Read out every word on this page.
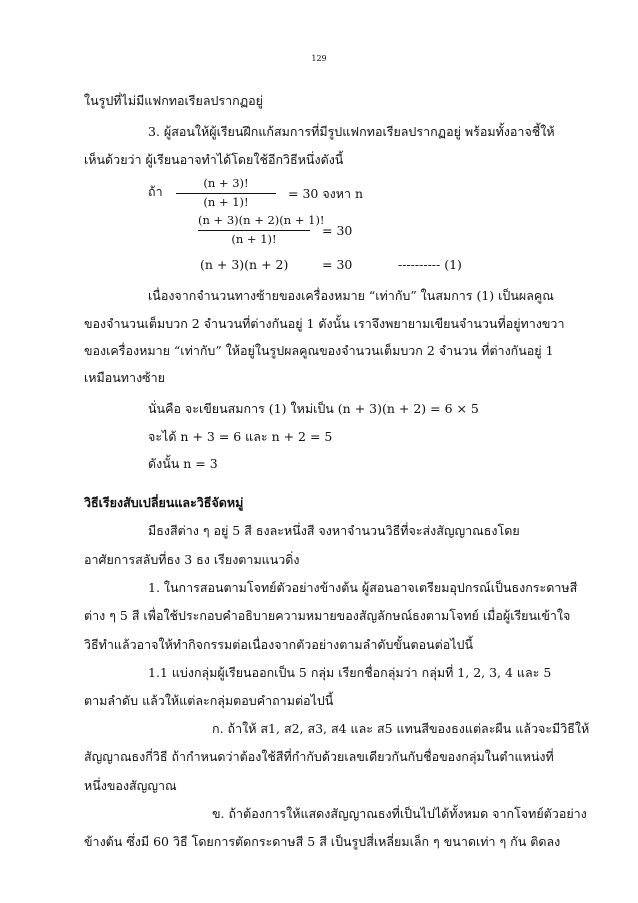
129
ในรูปที่ไม่มีแฟกทอเรียลปรากฏอยู่
3. ผู้สอนให้ผู้เรียนฝึกแก้สมการที่มีรูปแฟกทอเรียลปรากฏอยู่ พร้อมทั้งอาจชี้ให้
เห็นด้วยว่า ผู้เรียนอาจทำได้โดยใช้อีกวิธีหนึ่งดังนี้
ถ้า
(n + 3)!
(n + 1)!
= 30 จงหา n
(n + 3)(n + 2)(n + 1)!
(n + 1)!
= 30
(n + 3)(n + 2)	= 30	---------- (1)
เนื่องจากจำนวนทางซ้ายของเครื่องหมาย “เท่ากับ” ในสมการ (1) เป็นผลคูณ
ของจำนวนเต็มบวก 2 จำนวนที่ต่างกันอยู่ 1 ดังนั้น เราจึงพยายามเขียนจำนวนที่อยู่ทางขวา
ของเครื่องหมาย “เท่ากับ” ให้อยู่ในรูปผลคูณของจำนวนเต็มบวก 2 จำนวน ที่ต่างกันอยู่ 1
เหมือนทางซ้าย
นั่นคือ จะเขียนสมการ (1) ใหม่เป็น (n + 3)(n + 2) = 6 × 5
จะได้ n + 3 = 6 และ n + 2 = 5
ดังนั้น n = 3
วิธีเรียงสับเปลี่ยนและวิธีจัดหมู่
มีธงสีต่าง ๆ อยู่ 5 สี ธงละหนึ่งสี จงหาจำนวนวิธีที่จะส่งสัญญาณธงโดย
อาศัยการสลับที่ธง 3 ธง เรียงตามแนวดิ่ง
1. ในการสอนตามโจทย์ตัวอย่างข้างต้น ผู้สอนอาจเตรียมอุปกรณ์เป็นธงกระดาษสี
ต่าง ๆ 5 สี เพื่อใช้ประกอบคำอธิบายความหมายของสัญลักษณ์ธงตามโจทย์ เมื่อผู้เรียนเข้าใจ
วิธีทำแล้วอาจให้ทำกิจกรรมต่อเนื่องจากตัวอย่างตามลำดับขั้นตอนต่อไปนี้
1.1 แบ่งกลุ่มผู้เรียนออกเป็น 5 กลุ่ม เรียกชื่อกลุ่มว่า กลุ่มที่ 1, 2, 3, 4 และ 5
ตามลำดับ แล้วให้แต่ละกลุ่มตอบคำถามต่อไปนี้
ก. ถ้าให้ ส1, ส2, ส3, ส4 และ ส5 แทนสีของธงแต่ละผืน แล้วจะมีวิธีให้
สัญญาณธงกี่วิธี ถ้ากำหนดว่าต้องใช้สีที่กำกับด้วยเลขเดียวกันกับชื่อของกลุ่มในตำแหน่งที่
หนึ่งของสัญญาณ
ข. ถ้าต้องการให้แสดงสัญญาณธงที่เป็นไปได้ทั้งหมด จากโจทย์ตัวอย่าง
ข้างต้น ซึ่งมี 60 วิธี โดยการตัดกระดาษสี 5 สี เป็นรูปสี่เหลี่ยมเล็ก ๆ ขนาดเท่า ๆ กัน ติดลง
